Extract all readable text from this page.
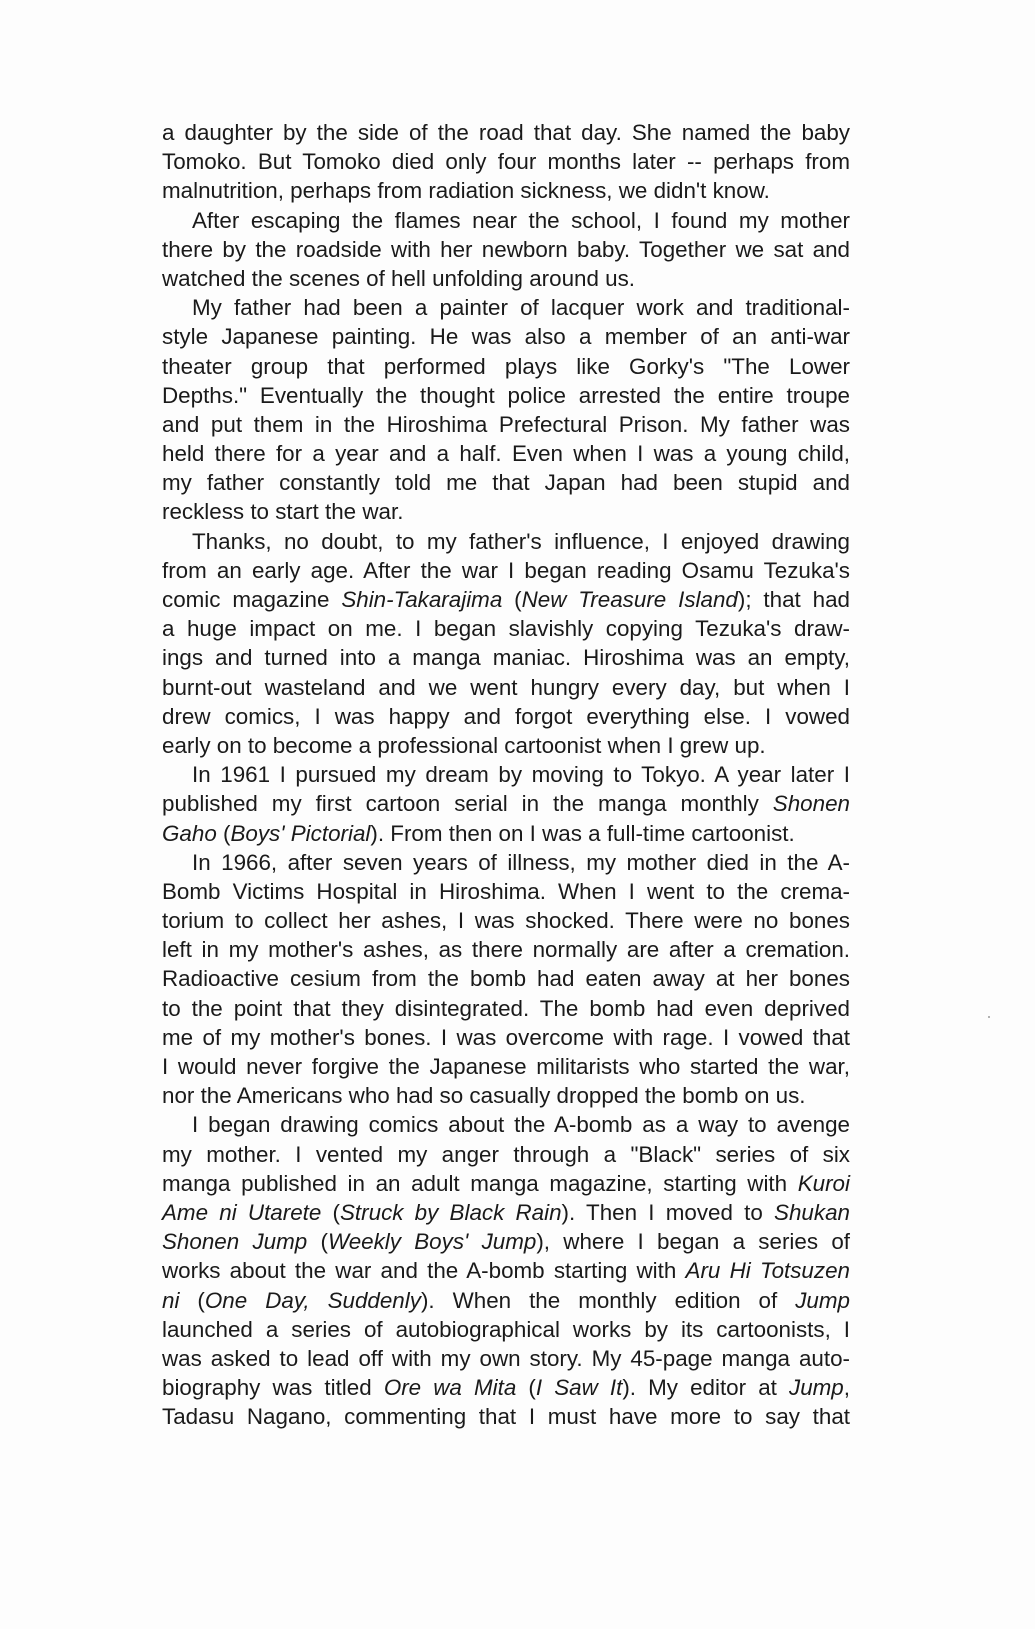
a daughter by the side of the road that day. She named the baby
Tomoko. But Tomoko died only four months later -- perhaps from
malnutrition, perhaps from radiation sickness, we didn't know.
After escaping the flames near the school, I found my mother
there by the roadside with her newborn baby. Together we sat and
watched the scenes of hell unfolding around us.
My father had been a painter of lacquer work and traditional-
style Japanese painting. He was also a member of an anti-war
theater group that performed plays like Gorky's "The Lower
Depths." Eventually the thought police arrested the entire troupe
and put them in the Hiroshima Prefectural Prison. My father was
held there for a year and a half. Even when I was a young child,
my father constantly told me that Japan had been stupid and
reckless to start the war.
Thanks, no doubt, to my father's influence, I enjoyed drawing
from an early age. After the war I began reading Osamu Tezuka's
comic magazine Shin-Takarajima (New Treasure Island); that had
a huge impact on me. I began slavishly copying Tezuka's draw-
ings and turned into a manga maniac. Hiroshima was an empty,
burnt-out wasteland and we went hungry every day, but when I
drew comics, I was happy and forgot everything else. I vowed
early on to become a professional cartoonist when I grew up.
In 1961 I pursued my dream by moving to Tokyo. A year later I
published my first cartoon serial in the manga monthly Shonen
Gaho (Boys' Pictorial). From then on I was a full-time cartoonist.
In 1966, after seven years of illness, my mother died in the A-
Bomb Victims Hospital in Hiroshima. When I went to the crema-
torium to collect her ashes, I was shocked. There were no bones
left in my mother's ashes, as there normally are after a cremation.
Radioactive cesium from the bomb had eaten away at her bones
to the point that they disintegrated. The bomb had even deprived
me of my mother's bones. I was overcome with rage. I vowed that
I would never forgive the Japanese militarists who started the war,
nor the Americans who had so casually dropped the bomb on us.
I began drawing comics about the A-bomb as a way to avenge
my mother. I vented my anger through a "Black" series of six
manga published in an adult manga magazine, starting with Kuroi
Ame ni Utarete (Struck by Black Rain). Then I moved to Shukan
Shonen Jump (Weekly Boys' Jump), where I began a series of
works about the war and the A-bomb starting with Aru Hi Totsuzen
ni (One Day, Suddenly). When the monthly edition of Jump
launched a series of autobiographical works by its cartoonists, I
was asked to lead off with my own story. My 45-page manga auto-
biography was titled Ore wa Mita (I Saw It). My editor at Jump,
Tadasu Nagano, commenting that I must have more to say that
